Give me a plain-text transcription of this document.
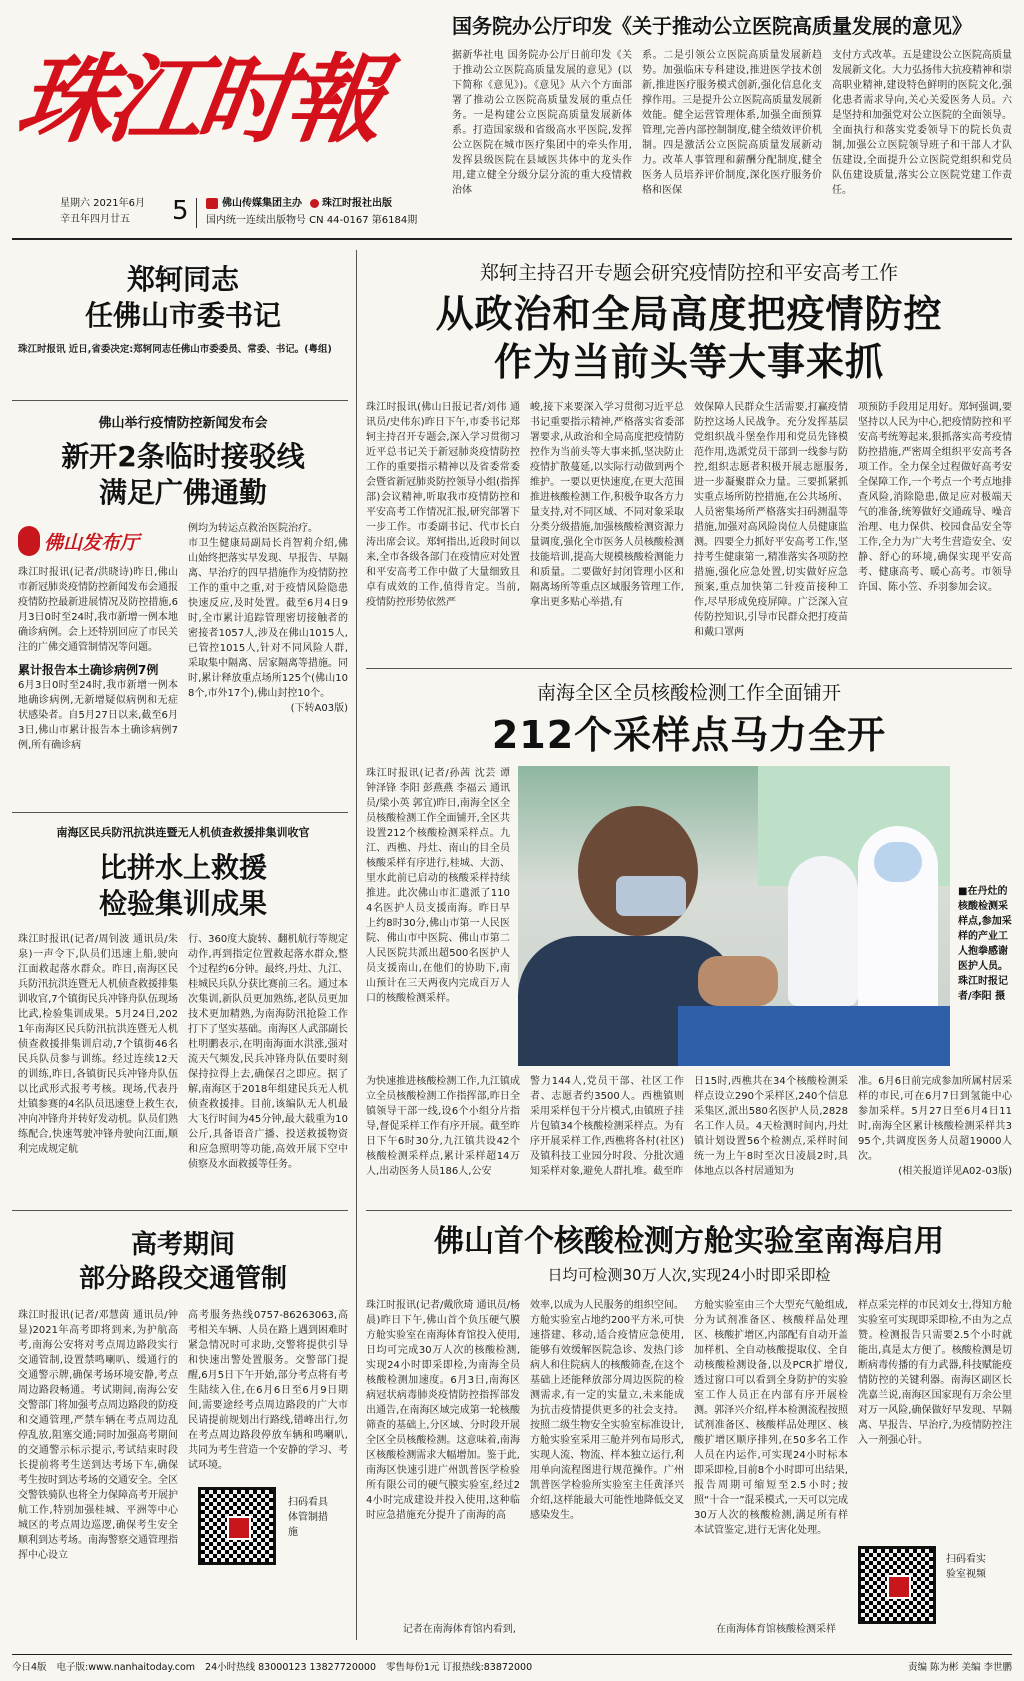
珠江时報
星期六 2021年6月
辛丑年四月廿五 5	佛山传媒集团主办 珠江时报社出版
国内统一连续出版物号 CN 44-0167 第6184期
国务院办公厅印发《关于推动公立医院高质量发展的意见》
据新华社电 国务院办公厅日前印发《关于推动公立医院高质量发展的意见》(以下简称《意见》)。《意见》从六个方面部署了推动公立医院高质量发展的重点任务。一是构建公立医院高质量发展新体系。打造国家级和省级高水平医院,发挥公立医院在城市医疗集团中的牵头作用,发挥县级医院在县域医共体中的龙头作用,建立健全分级分层分流的重大疫情救治体
系。二是引领公立医院高质量发展新趋势。加强临床专科建设,推进医学技术创新,推进医疗服务模式创新,强化信息化支撑作用。三是提升公立医院高质量发展新效能。健全运营管理体系,加强全面预算管理,完善内部控制制度,健全绩效评价机制。四是激活公立医院高质量发展新动力。改革人事管理和薪酬分配制度,健全医务人员培养评价制度,深化医疗服务价格和医保
支付方式改革。五是建设公立医院高质量发展新文化。大力弘扬伟大抗疫精神和崇高职业精神,建设特色鲜明的医院文化,强化患者需求导向,关心关爱医务人员。六是坚持和加强党对公立医院的全面领导。全面执行和落实党委领导下的院长负责制,加强公立医院领导班子和干部人才队伍建设,全面提升公立医院党组织和党员队伍建设质量,落实公立医院党建工作责任。
郑轲同志
任佛山市委书记
珠江时报讯 近日,省委决定:郑轲同志任佛山市委委员、常委、书记。(粤组)
佛山举行疫情防控新闻发布会
新开2条临时接驳线
满足广佛通勤
佛山发布厅
珠江时报讯(记者/洪晓诗)昨日,佛山市新冠肺炎疫情防控新闻发布会通报疫情防控最新进展情况及防控措施,6月3日0时至24时,我市新增一例本地确诊病例。会上还特别回应了市民关注的广佛交通管制情况等问题。
累计报告本土确诊病例7例
6月3日0时至24时,我市新增一例本地确诊病例,无新增疑似病例和无症状感染者。自5月27日以来,截至6月3日,佛山市累计报告本土确诊病例7例,所有确诊病
例均为转运点救治医院治疗。
市卫生健康局副局长肖智莉介绍,佛山始终把落实早发现、早报告、早隔离、早治疗的四早措施作为疫情防控工作的重中之重,对于疫情风险隐患快速反应,及时处置。截至6月4日9时,全市累计追踪管理密切接触者的密接者1057人,涉及在佛山1015人,已管控1015人,针对不同风险人群,采取集中隔离、居家隔离等措施。同时,累计释放重点场所125个(佛山108个,市外17个),佛山封控10个。
(下转A03版)
南海区民兵防汛抗洪连暨无人机侦查救援排集训收官
比拼水上救援
检验集训成果
珠江时报讯(记者/周钊波 通讯员/朱泉)一声令下,队员们迅速上船,驶向江面救起落水群众。昨日,南海区民兵防汛抗洪连暨无人机侦查救援排集训收官,7个镇街民兵冲锋舟队伍现场比武,检验集训成果。5月24日,2021年南海区民兵防汛抗洪连暨无人机侦查救援排集训启动,7个镇街46名民兵队员参与训练。经过连续12天的训练,昨日,各镇街民兵冲锋舟队伍以比武形式报考考核。现场,代表丹灶镇参赛的4名队员迅速登上救生衣,冲向冲锋舟并转好发动机。队员们熟练配合,快速驾驶冲锋舟驶向江面,顺利完成规定航
行、360度大旋转、翻机航行等规定动作,再到指定位置救起落水群众,整个过程约6分钟。最终,丹灶、九江、桂城民兵队分获比赛前三名。通过本次集训,新队员更加熟练,老队员更加技术更加精熟,为南海防汛抢险工作打下了坚实基础。南海区人武部副长杜明鹏表示,在明南海面水洪涨,强对流天气频发,民兵冲锋舟队伍要时刻保持拉得上去,确保召之即应。据了解,南海区于2018年组建民兵无人机侦查救援排。目前,该编队无人机最大飞行时间为45分钟,最大载重为10公斤,具备语音广播、投送救援物资和应急照明等功能,高效开展下空中侦察及水面救援等任务。
高考期间
部分路段交通管制
珠江时报讯(记者/邓慧茵 通讯员/钟显)2021年高考即将到来,为护航高考,南海公安将对考点周边路段实行交通管制,设置禁鸣喇叭、缓通行的交通警示牌,确保考场环境安静,考点周边路段畅通。考试期间,南海公安交警部门将加强考点周边路段的防疫和交通管理,严禁车辆在考点周边乱停乱放,阻塞交通;同时加强高考期间的交通警示标示提示,考试结束时段长提前将考生送到达考场下车,确保考生按时到达考场的交通安全。全区交警铁骑队也将全力保障高考开展护航工作,特别加强桂城、平洲等中心城区的考点周边巡逻,确保考生安全顺利到达考场。南海警察交通管理指挥中心设立
高考服务热线0757-86263063,高考相关车辆、人员在路上遇到困难时紧急情况时可求助,交警将提供引导和快速出警处置服务。交警部门提醒,6月5日下午开始,部分考点将有考生陆续入住,在6月6日至6月9日期间,需要途经考点周边路段的广大市民请提前规划出行路线,错峰出行,勿在考点周边路段停放车辆和鸣喇叭,共同为考生营造一个安静的学习、考试环境。
扫码看具体管制措施
郑轲主持召开专题会研究疫情防控和平安高考工作
从政治和全局高度把疫情防控
作为当前头等大事来抓
珠江时报讯(佛山日报记者/刘伟 通讯员/史伟东)昨日下午,市委书记郑轲主持召开专题会,深入学习贯彻习近平总书记关于新冠肺炎疫情防控工作的重要指示精神以及省委常委会暨省新冠肺炎防控领导小组(指挥部)会议精神,听取我市疫情防控和平安高考工作情况汇报,研究部署下一步工作。市委副书记、代市长白涛出席会议。郑轲指出,近段时间以来,全市各级各部门在疫情应对处置和平安高考工作中做了大量细致且卓有成效的工作,值得肯定。当前,疫情防控形势依然严
峻,接下来要深入学习贯彻习近平总书记重要指示精神,严格落实省委部署要求,从政治和全局高度把疫情防控作为当前头等大事来抓,坚决防止疫情扩散蔓延,以实际行动做到两个维护。一要以更快速度,在更大范围推进核酸检测工作,积极争取各方力量支持,对不同区域、不同对象采取分类分级措施,加强核酸检测资源力量调度,强化全市医务人员核酸检测技能培训,提高大规模核酸检测能力和质量。二要做好封闭管理小区和隔离场所等重点区域服务管理工作,拿出更多贴心举措,有
效保障人民群众生活需要,打赢疫情防控这场人民战争。充分发挥基层党组织战斗堡垒作用和党员先锋模范作用,选派党员干部到一线参与防控,组织志愿者积极开展志愿服务,进一步凝聚群众力量。三要抓紧抓实重点场所防控措施,在公共场所、人员密集场所严格落实扫码测温等措施,加强对高风险岗位人员健康监测。四要全力抓好平安高考工作,坚持考生健康第一,精准落实各项防控措施,强化应急处置,切实做好应急预案,重点加快第二针疫苗接种工作,尽早形成免疫屏障。广泛深入宣传防控知识,引导市民群众把打疫苗和戴口罩两
项预防手段用足用好。郑轲强调,要坚持以人民为中心,把疫情防控和平安高考统筹起来,狠抓落实高考疫情防控措施,严密周全组织平安高考各项工作。全力保全过程做好高考安全保障工作,一个考点一个考点地排查风险,消除隐患,做足应对极端天气的准备,统筹做好交通疏导、噪音治理、电力保供、校园食品安全等工作,全力为广大考生营造安全、安静、舒心的环境,确保实现平安高考、健康高考、暖心高考。市领导许国、陈小笠、乔羽参加会议。
南海全区全员核酸检测工作全面铺开
212个采样点马力全开
珠江时报讯(记者/孙茜 沈芸 谭 钟泽锋 李阳 彭燕燕 李福云 通讯员/梁小英 郭宜)昨日,南海全区全员核酸检测工作全面铺开,全区共设置212个核酸检测采样点。九江、西樵、丹灶、南山的目全员核酸采样有序进行,桂城、大沥、里水此前已启动的核酸采样持续推进。此次佛山市汇遣派了1104名医护人员支援南海。昨日早上约8时30分,佛山市第一人民医院、佛山市中医院、佛山市第二人民医院共派出超500名医护人员支援南山,在他们的协助下,南山预计在三天两夜内完成百万人口的核酸检测采样。
■在丹灶的核酸检测采样点,参加采样的产业工人抱拳感谢医护人员。珠江时报记者/李阳 摄
为快速推进核酸检测工作,九江镇成立全员核酸检测工作指挥部,昨日全镇领导干部一线,设6个小组分片指导,督促采样工作有序开展。截至昨日下午6时30分,九江镇共设42个核酸检测采样点,累计采样超14万人,出动医务人员186人,公安
警力144人,党员干部、社区工作者、志愿者约3500人。西樵镇则采用采样包干分片模式,由镇班子挂片包镇34个核酸检测采样点。为有序开展采样工作,西樵将各村(社区)及镇科技工业园分时段、分批次通知采样对象,避免人群扎堆。截至昨
日15时,西樵共在34个核酸检测采样点设立290个采样区,240个信息采集区,派出580名医护人员,2828名工作人员。4天检测时间内,丹灶镇计划设置56个检测点,采样时间统一为上午8时至次日凌晨2时,具体地点以各村居通知为
准。6月6日前完成参加所属村居采样的市民,可在6月7日到氢能中心参加采样。5月27日至6月4日11时,南海全区累计核酸检测采样共395个,共调度医务人员超19000人次。
(相关报道详见A02-03版)
佛山首个核酸检测方舱实验室南海启用
日均可检测30万人次,实现24小时即采即检
珠江时报讯(记者/戴欣琦 通讯员/杨晨)昨日下午,佛山首个负压硬气膜方舱实验室在南海体育馆投入使用,日均可完成30万人次的核酸检测,实现24小时即采即检,为南海全员核酸检测加速度。6月3日,南海区病冠状病毒肺炎疫情防控指挥部发出通告,在南海区域完成第一轮核酸筛查的基础上,分区域、分时段开展全区全员核酸检测。这意味着,南海区核酸检测需求大幅增加。鉴于此,南海区快速引进广州凯普医学检验所有限公司的硬气膜实验室,经过24小时完成建设并投入使用,这种临时应急措施充分提升了南海的高
效率,以成为人民服务的组织空间。方舱实验室占地约200平方米,可快速搭建、移动,适合疫情应急使用,能够有效缓解医院急诊、发热门诊病人和住院病人的核酸筛查,在这个基础上还能释放部分周边医院的检测需求,有一定的实量立,未来能成为抗击疫情提供更多的社会支持。按照二级生物安全实验室标准设计,方舱实验室采用三舱并列布局形式,实现人流、物流、样本独立运行,利用单向流程图进行规范操作。广州凯普医学检验所实验室主任黄泽兴介绍,这样能最大可能性地降低交叉感染发生。
方舱实验室由三个大型充气舱组成,分为试剂准备区、核酸样品处理区、核酸扩增区,内部配有自动开盖加样机、全自动核酸提取仪、全自动核酸检测设备,以及PCR扩增仪,透过窗口可以看到全身防护的实验室工作人员正在内部有序开展检测。郭泽兴介绍,样本检测流程按照试剂准备区、核酸样品处理区、核酸扩增区顺序排列,在50多名工作人员在内运作,可实现24小时标本即采即检,目前8个小时即可出结果,报告周期可缩短至2.5小时;按照“十合一”混采模式,一天可以完成30万人次的核酸检测,满足所有样本试管鉴定,进行无害化处理。
样点采完样的市民刘女士,得知方舱实验室可实现即采即检,不由为之点赞。检测报告只需要2.5个小时就能出,真是太方便了。核酸检测是切断病毒传播的有力武器,科技赋能疫情防控的关键利器。南海区副区长冼嘉兰说,南海区国家现有万余公里对万一风险,确保做好早发现、早隔离、早报告、早治疗,为疫情防控注入一剂强心针。
扫码看实验室视频
记者在南海体育馆内看到,	在南海体育馆核酸检测采样
今日4版 电子版:www.nanhaitoday.com 24小时热线 83000123 13827720000 零售每份1元 订报热线:83872000	责编 陈为彬 美编 李世鹏
